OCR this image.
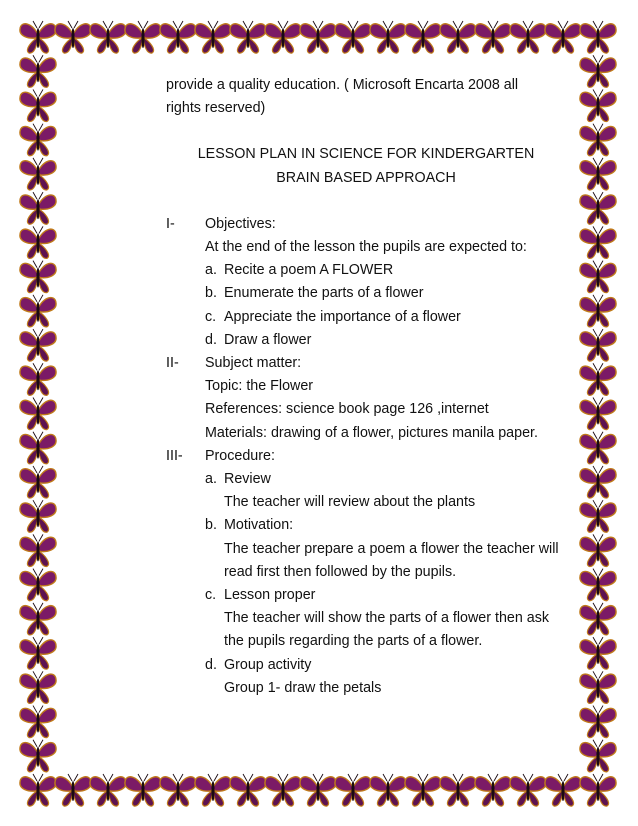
provide a quality education. ( Microsoft Encarta 2008 all

rights reserved)

LESSON PLAN IN SCIENCE FOR KINDERGARTEN

BRAIN BASED APPROACH

I- Objectives:

At the end of the lesson the pupils are expected to:

a. Recite a poem A FLOWER
b. Enumerate the parts of a flower
c. Appreciate the importance of a flower
d. Draw a flower
II- Subject matter:

Topic: the Flower

References: science book page 126 ,internet

Materials: drawing of a flower, pictures manila paper.

III- Procedure:

a. Review

The teacher will review about the plants

b. Motivation:

The teacher prepare a poem a flower the teacher will read first then followed by the pupils.

c. Lesson proper

The teacher will show the parts of a flower then ask the pupils regarding the parts of a flower.

d. Group activity

Group 1- draw the petals
